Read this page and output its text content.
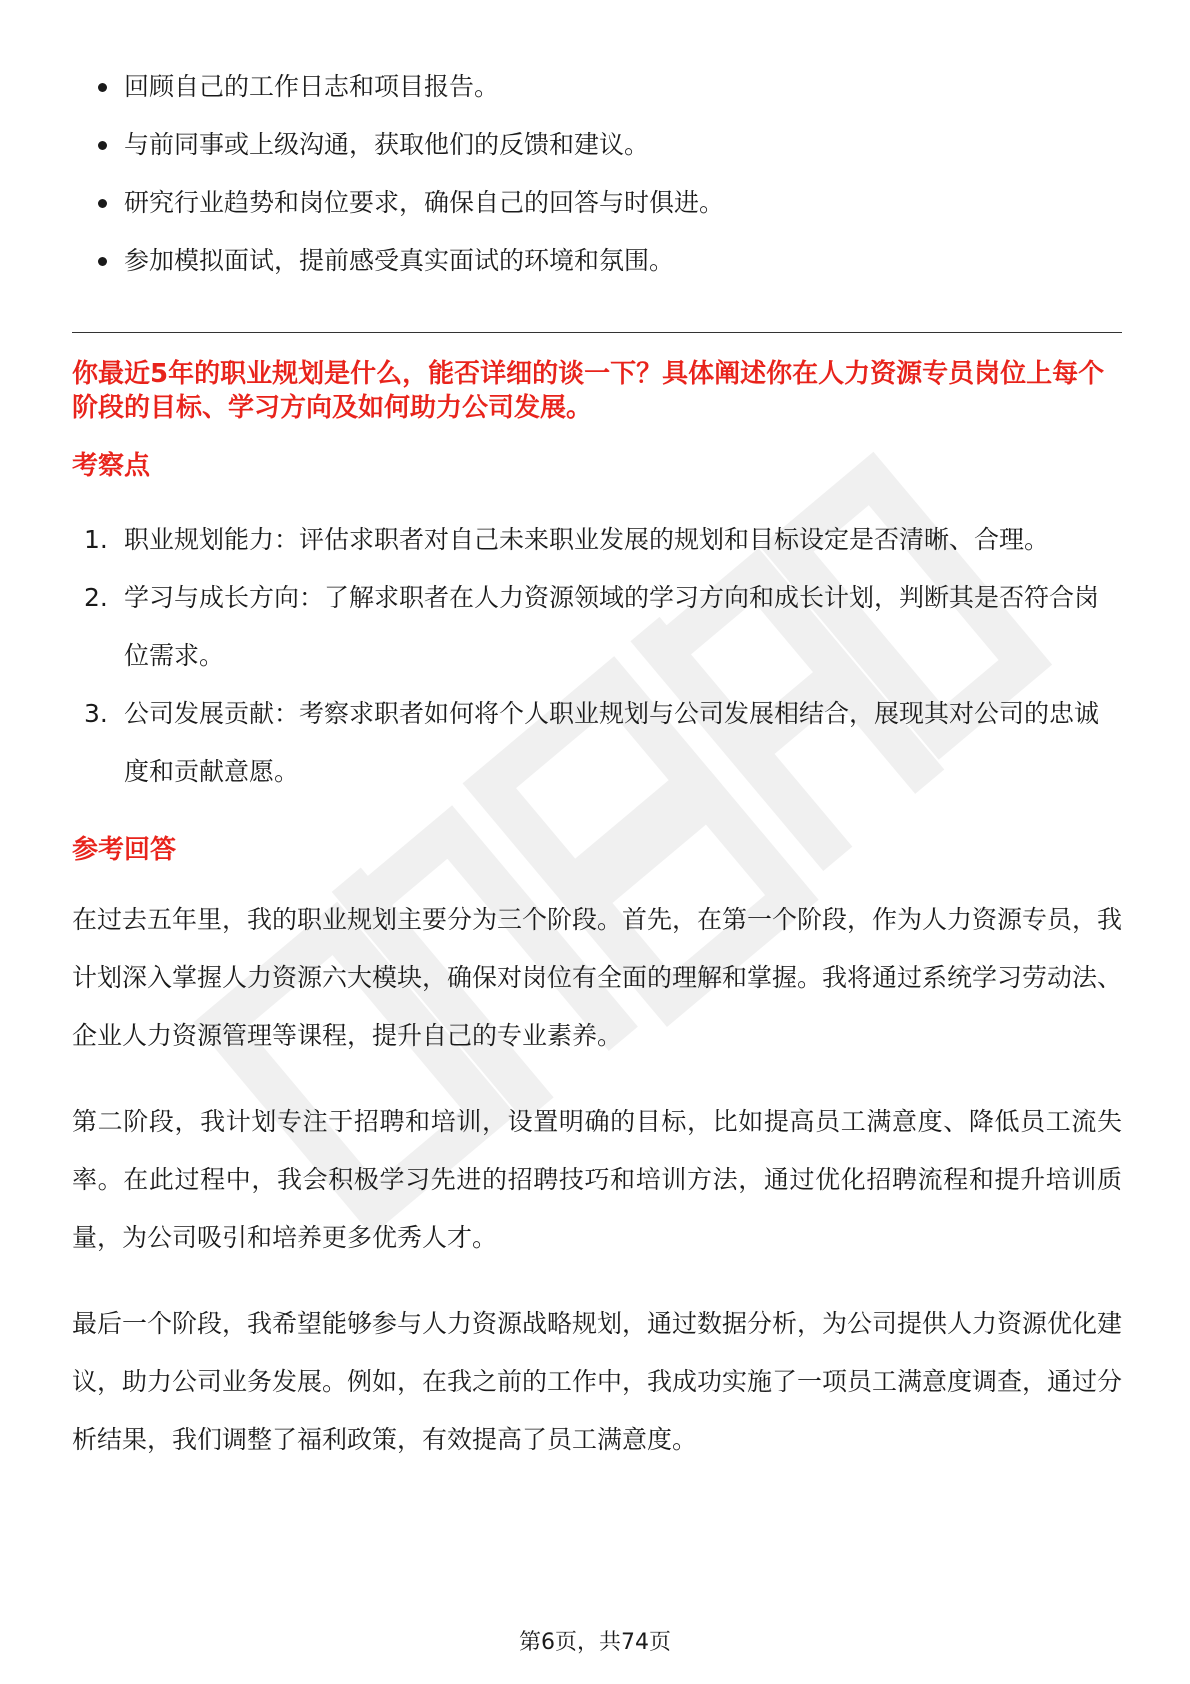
回顾自己的工作日志和项目报告。
与前同事或上级沟通，获取他们的反馈和建议。
研究行业趋势和岗位要求，确保自己的回答与时俱进。
参加模拟面试，提前感受真实面试的环境和氛围。
你最近5年的职业规划是什么，能否详细的谈一下？具体阐述你在人力资源专员岗位上每个阶段的目标、学习方向及如何助力公司发展。
考察点
1. 职业规划能力：评估求职者对自己未来职业发展的规划和目标设定是否清晰、合理。
2. 学习与成长方向：了解求职者在人力资源领域的学习方向和成长计划，判断其是否符合岗位需求。
3. 公司发展贡献：考察求职者如何将个人职业规划与公司发展相结合，展现其对公司的忠诚度和贡献意愿。
参考回答

在过去五年里，我的职业规划主要分为三个阶段。首先，在第一个阶段，作为人力资源专员，我计划深入掌握人力资源六大模块，确保对岗位有全面的理解和掌握。我将通过系统学习劳动法、企业人力资源管理等课程，提升自己的专业素养。

第二阶段，我计划专注于招聘和培训，设置明确的目标，比如提高员工满意度、降低员工流失率。在此过程中，我会积极学习先进的招聘技巧和培训方法，通过优化招聘流程和提升培训质量，为公司吸引和培养更多优秀人才。

最后一个阶段，我希望能够参与人力资源战略规划，通过数据分析，为公司提供人力资源优化建议，助力公司业务发展。例如，在我之前的工作中，我成功实施了一项员工满意度调查，通过分析结果，我们调整了福利政策，有效提高了员工满意度。

第6页，共74页
